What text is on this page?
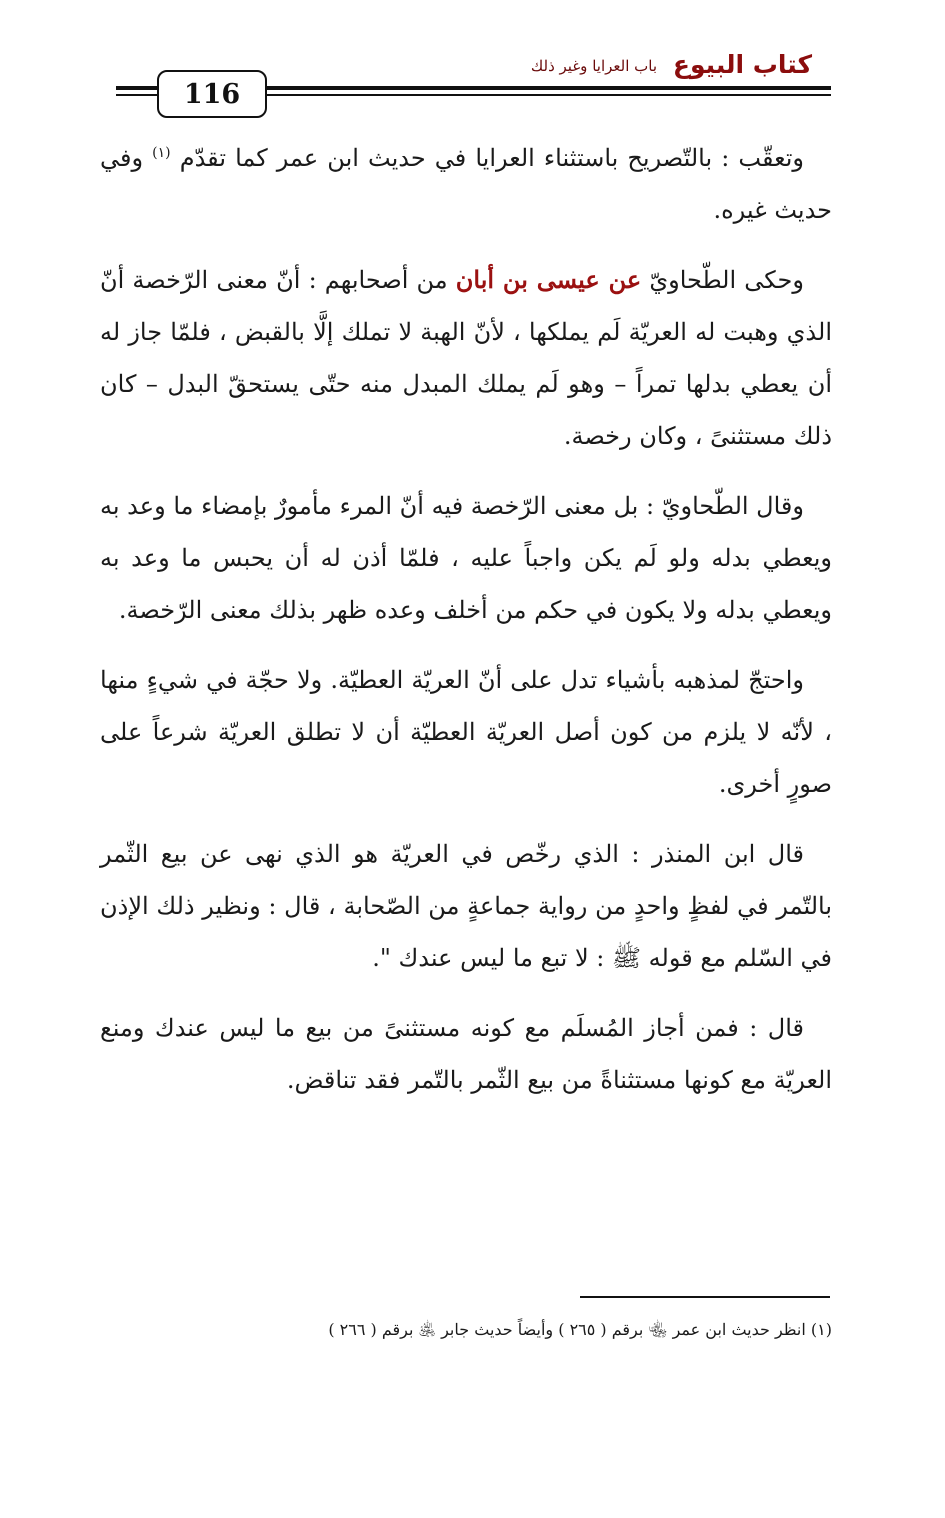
كتاب البيوع
باب العرايا وغير ذلك
116

وتعقّب : بالتّصريح باستثناء العرايا في حديث ابن عمر كما تقدّم $^{(١)}$ وفي حديث غيره.

وحكى الطّحاويّ عن عيسى بن أبان من أصحابهم : أنّ معنى الرّخصة أنّ الذي وهبت له العريّة لَم يملكها ، لأنّ الهبة لا تملك إلَّا بالقبض ، فلمّا جاز له أن يعطي بدلها تمراً – وهو لَم يملك المبدل منه حتّى يستحقّ البدل – كان ذلك مستثنىً ، وكان رخصة.

وقال الطّحاويّ : بل معنى الرّخصة فيه أنّ المرء مأمورٌ بإمضاء ما وعد به ويعطي بدله ولو لَم يكن واجباً عليه ، فلمّا أذن له أن يحبس ما وعد به ويعطي بدله ولا يكون في حكم من أخلف وعده ظهر بذلك معنى الرّخصة.

واحتجّ لمذهبه بأشياء تدل على أنّ العريّة العطيّة. ولا حجّة في شيءٍ منها ، لأنّه لا يلزم من كون أصل العريّة العطيّة أن لا تطلق العريّة شرعاً على صورٍ أخرى.

قال ابن المنذر : الذي رخّص في العريّة هو الذي نهى عن بيع الثّمر بالتّمر في لفظٍ واحدٍ من رواية جماعةٍ من الصّحابة ، قال : ونظير ذلك الإذن في السّلم مع قوله ﷺ : لا تبع ما ليس عندك ".

قال : فمن أجاز المُسلَم مع كونه مستثنىً من بيع ما ليس عندك ومنع العريّة مع كونها مستثناةً من بيع الثّمر بالتّمر فقد تناقض.

(١) انظر حديث ابن عمر ﵄ برقم ( ٢٦٥ ) وأيضاً حديث جابر ﵁ برقم ( ٢٦٦ )
